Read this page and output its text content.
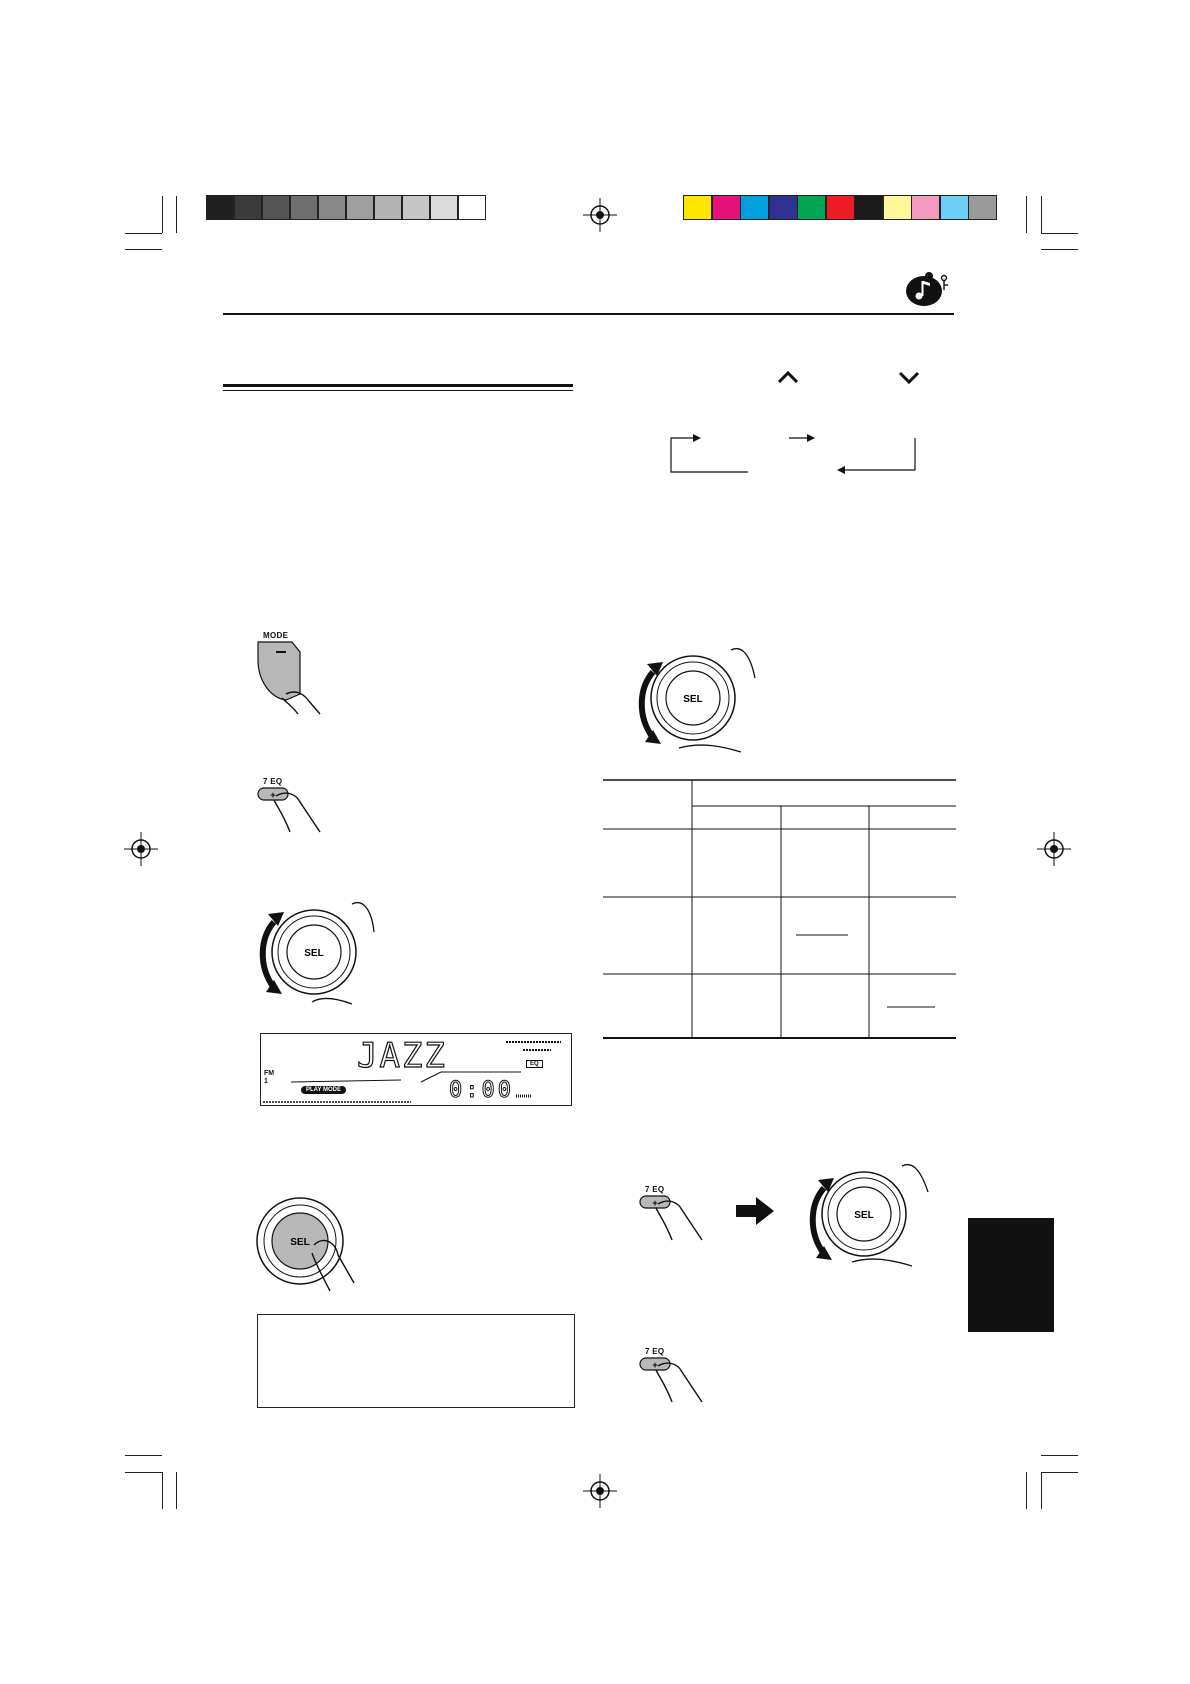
MODE
7 EQ
+
SEL
JAZZ
FM
1
PLAY MODE
EQ
0:00
SEL
SEL
7 EQ
+
SEL
7 EQ
+
